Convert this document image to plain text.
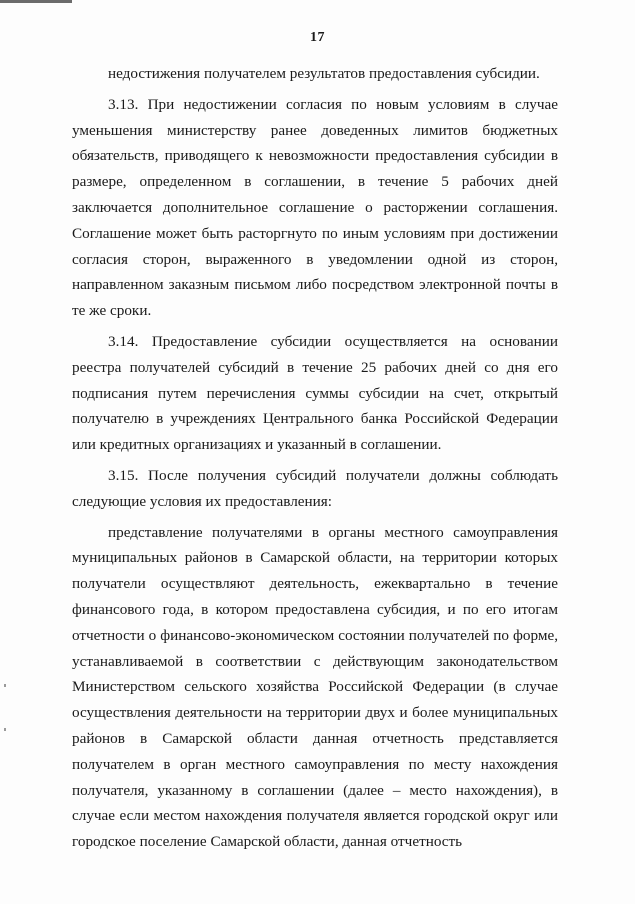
17

недостижения получателем результатов предоставления субсидии.

3.13. При недостижении согласия по новым условиям в случае уменьшения министерству ранее доведенных лимитов бюджетных обязательств, приводящего к невозможности предоставления субсидии в размере, определенном в соглашении, в течение 5 рабочих дней заключается дополнительное соглашение о расторжении соглашения. Соглашение может быть расторгнуто по иным условиям при достижении согласия сторон, выраженного в уведомлении одной из сторон, направленном заказным письмом либо посредством электронной почты в те же сроки.

3.14. Предоставление субсидии осуществляется на основании реестра получателей субсидий в течение 25 рабочих дней со дня его подписания путем перечисления суммы субсидии на счет, открытый получателю в учреждениях Центрального банка Российской Федерации или кредитных организациях и указанный в соглашении.

3.15. После получения субсидий получатели должны соблюдать следующие условия их предоставления:

представление получателями в органы местного самоуправления муниципальных районов в Самарской области, на территории которых получатели осуществляют деятельность, ежеквартально в течение финансового года, в котором предоставлена субсидия, и по его итогам отчетности о финансово-экономическом состоянии получателей по форме, устанавливаемой в соответствии с действующим законодательством Министерством сельского хозяйства Российской Федерации (в случае осуществления деятельности на территории двух и более муниципальных районов в Самарской области данная отчетность представляется получателем в орган местного самоуправления по месту нахождения получателя, указанному в соглашении (далее – место нахождения), в случае если местом нахождения получателя является городской округ или городское поселение Самарской области, данная отчетность
